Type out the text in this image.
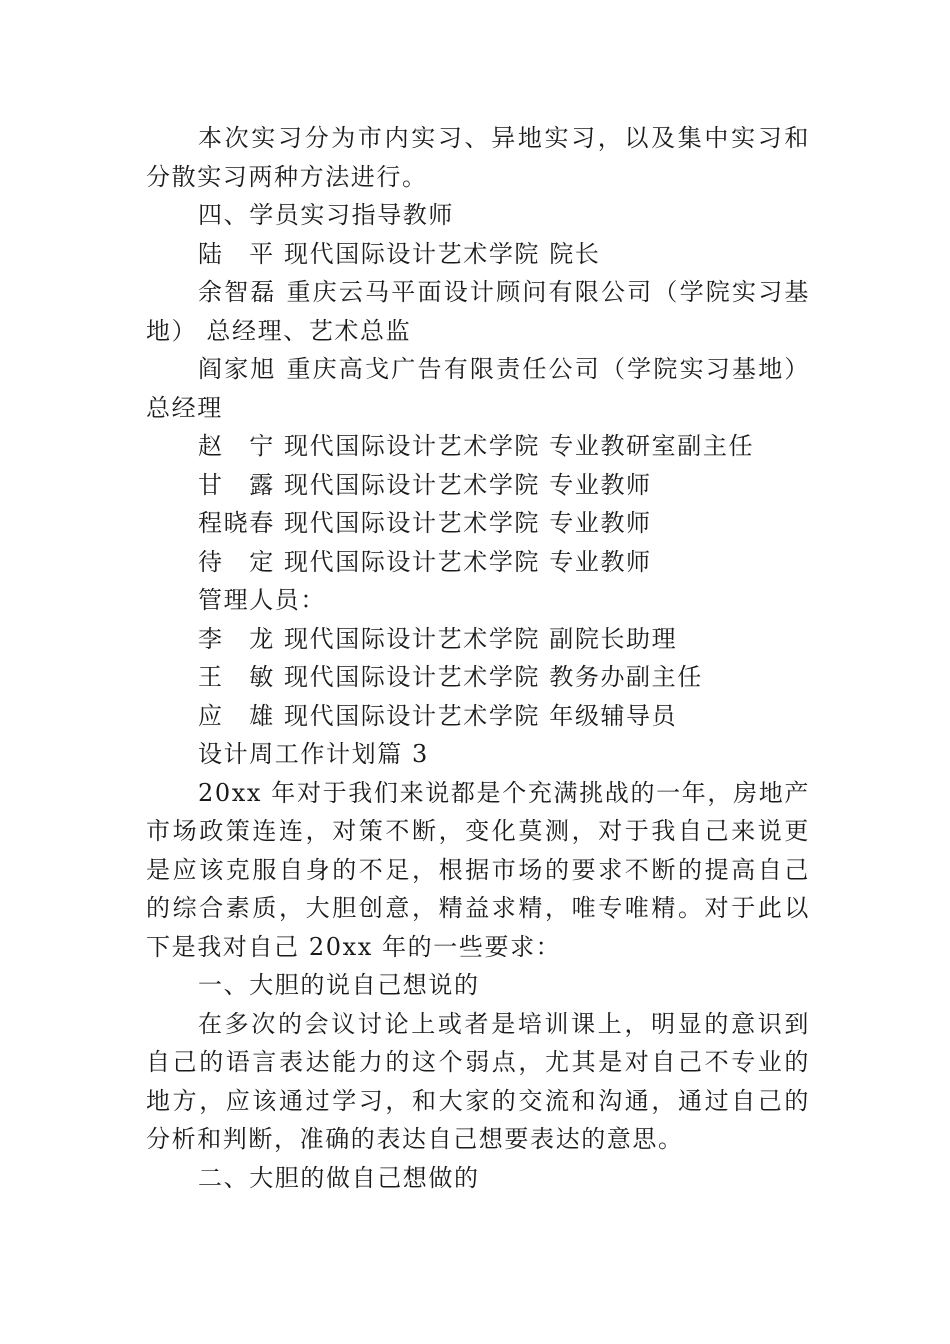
本次实习分为市内实习、异地实习，以及集中实习和分散实习两种方法进行。

四、学员实习指导教师

陆　平 现代国际设计艺术学院 院长

余智磊 重庆云马平面设计顾问有限公司（学院实习基地） 总经理、艺术总监

阎家旭 重庆高戈广告有限责任公司（学院实习基地）总经理

赵　宁 现代国际设计艺术学院 专业教研室副主任

甘　露 现代国际设计艺术学院 专业教师

程晓春 现代国际设计艺术学院 专业教师

待　定 现代国际设计艺术学院 专业教师

管理人员：

李　龙 现代国际设计艺术学院 副院长助理

王　敏 现代国际设计艺术学院 教务办副主任

应　雄 现代国际设计艺术学院 年级辅导员

设计周工作计划篇 3

20xx 年对于我们来说都是个充满挑战的一年，房地产市场政策连连，对策不断，变化莫测，对于我自己来说更是应该克服自身的不足，根据市场的要求不断的提高自己的综合素质，大胆创意，精益求精，唯专唯精。对于此以下是我对自己 20xx 年的一些要求：

一、大胆的说自己想说的

在多次的会议讨论上或者是培训课上，明显的意识到自己的语言表达能力的这个弱点，尤其是对自己不专业的地方，应该通过学习，和大家的交流和沟通，通过自己的分析和判断，准确的表达自己想要表达的意思。

二、大胆的做自己想做的
